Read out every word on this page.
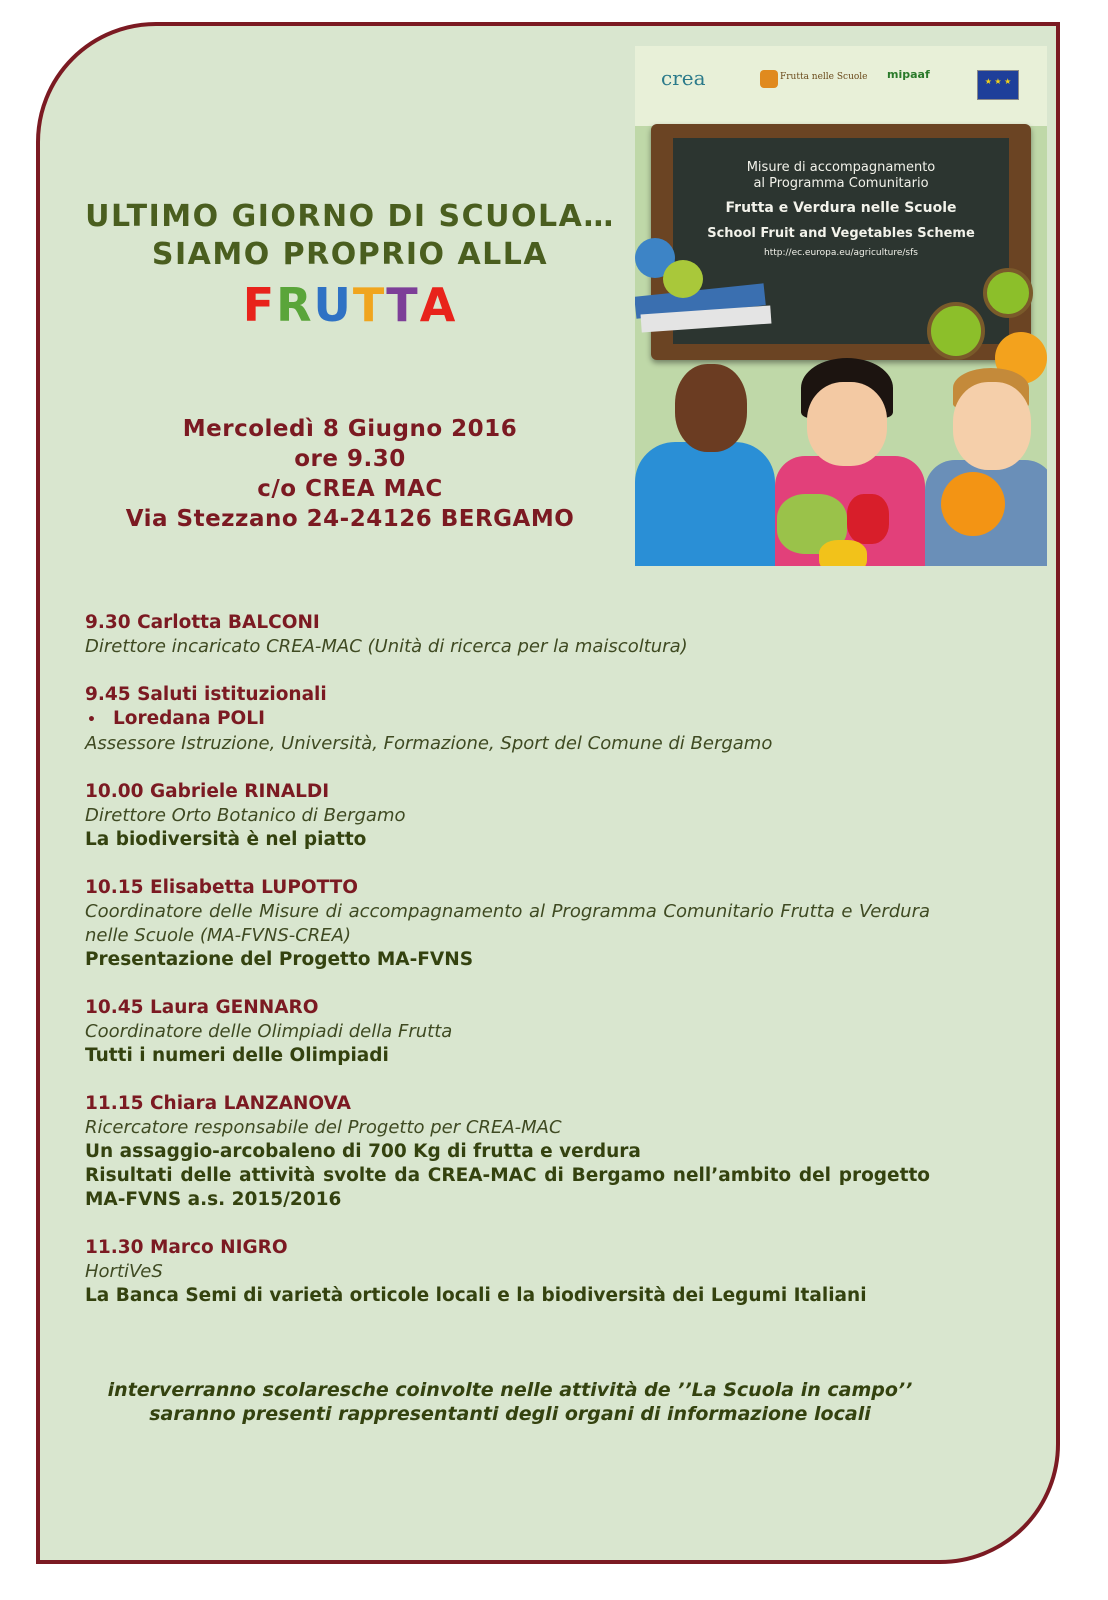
ULTIMO GIORNO DI SCUOLA…
SIAMO PROPRIO ALLA
FRUTTA
Mercoledì 8 Giugno 2016
ore 9.30
c/o CREA MAC
Via Stezzano 24-24126 BERGAMO
crea	Frutta nelle Scuole mipaaf
★ ★ ★
Misure di accompagnamento
al Programma Comunitario
Frutta e Verdura nelle Scuole
School Fruit and Vegetables Scheme
http://ec.europa.eu/agriculture/sfs
9.30 Carlotta BALCONI
Direttore incaricato CREA-MAC (Unità di ricerca per la maiscoltura)
9.45 Saluti istituzionali
• Loredana POLI
Assessore Istruzione, Università, Formazione, Sport del Comune di Bergamo
10.00 Gabriele RINALDI
Direttore Orto Botanico di Bergamo
La biodiversità è nel piatto
10.15 Elisabetta LUPOTTO
Coordinatore delle Misure di accompagnamento al Programma Comunitario Frutta e Verdura nelle Scuole (MA-FVNS-CREA)
Presentazione del Progetto MA-FVNS
10.45 Laura GENNARO
Coordinatore delle Olimpiadi della Frutta
Tutti i numeri delle Olimpiadi
11.15 Chiara LANZANOVA
Ricercatore responsabile del Progetto per CREA-MAC
Un assaggio-arcobaleno di 700 Kg di frutta e verdura
Risultati delle attività svolte da CREA-MAC di Bergamo nell’ambito del progetto MA-FVNS a.s. 2015/2016
11.30 Marco NIGRO
HortiVeS
La Banca Semi di varietà orticole locali e la biodiversità dei Legumi Italiani
interverranno scolaresche coinvolte nelle attività de ’’La Scuola in campo’’
saranno presenti rappresentanti degli organi di informazione locali
